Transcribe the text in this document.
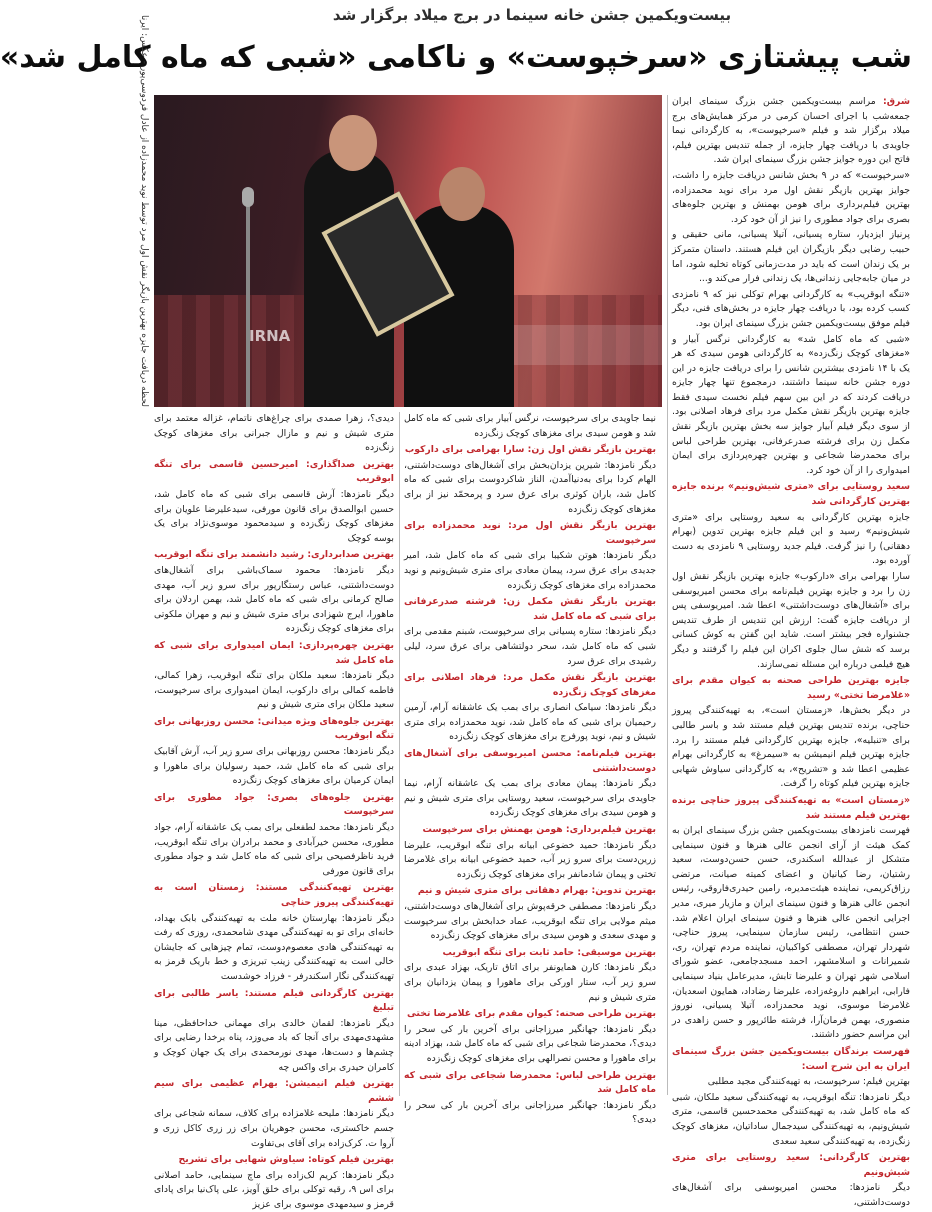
بیست‌ویکمین جشن خانه سینما در برج میلاد برگزار شد
شب پیشتازی «سرخپوست» و ناکامی «شبی که ماه کامل شد»
IRNA
لحظه دریافت جایزه بهترین بازیگر نقش اول مرد توسط نوید محمدزاده از عادل فردوسی‌پور - عکس: ایرنا	شرق: مراسم بیست‌ویکمین جشن بزرگ سینمای ایران جمعه‌شب با اجرای احسان کرمی در مرکز همایش‌های برج میلاد برگزار شد و فیلم «سرخپوست»، به کارگردانی نیما جاویدی با دریافت چهار جایزه، از جمله تندیس بهترین فیلم، فاتح این دوره جوایز جشن بزرگ سینمای ایران شد.

«سرخپوست» که در ۹ بخش شانس دریافت جایزه را داشت، جوایز بهترین بازیگر نقش اول مرد برای نوید محمدزاده، بهترین فیلم‌برداری برای هومن بهمنش و بهترین جلوه‌های بصری برای جواد مطوری را نیز از آن خود کرد.

پرنیاز ایزدیار، ستاره پسیانی، آتیلا پسیانی، مانی حقیقی و حبیب رضایی دیگر بازیگران این فیلم هستند. داستان متمرکز بر یک زندان است که باید در مدت‌زمانی کوتاه تخلیه شود، اما در میان جابه‌جایی زندانی‌ها، یک زندانی فرار می‌کند و...

«تنگه ابوقریب» به کارگردانی بهرام توکلی نیز که ۹ نامزدی کسب کرده بود، با دریافت چهار جایزه در بخش‌های فنی، دیگر فیلم موفق بیست‌ویکمین جشن بزرگ سینمای ایران بود.

«شبی که ماه کامل شد» به کارگردانی نرگس آبیار و «مغزهای کوچک زنگ‌زده» به کارگردانی هومن سیدی که هر یک با ۱۴ نامزدی بیشترین شانس را برای دریافت جایزه در این دوره جشن خانه سینما داشتند، درمجموع تنها چهار جایزه دریافت کردند که در این بین سهم فیلم نخست سیدی فقط جایزه بهترین بازیگر نقش مکمل مرد برای فرهاد اصلانی بود. از سوی دیگر فیلم آبیار جوایز سه بخش بهترین بازیگر نقش مکمل زن برای فرشته صدرعرفانی، بهترین طراحی لباس برای محمدرضا شجاعی و بهترین چهره‌پردازی برای ایمان امیدواری را از آن خود کرد.

سعید روستایی برای «متری شیش‌ونیم» برنده جایزه بهترین کارگردانی شد

جایزه بهترین کارگردانی به سعید روستایی برای «متری شیش‌ونیم» رسید و این فیلم جایزه بهترین تدوین (بهرام دهقانی) را نیز گرفت. فیلم جدید روستایی ۹ نامزدی به دست آورده بود.

سارا بهرامی برای «دارکوب» جایزه بهترین بازیگر نقش اول زن را برد و جایزه بهترین فیلم‌نامه برای محسن امیریوسفی برای «آشغال‌های دوست‌داشتنی» اعطا شد. امیریوسفی پس از دریافت جایزه گفت: ارزش این تندیس از طرف تندیس جشنواره فجر بیشتر است. شاید این گفتن به کوش کسانی برسد که شش سال جلوی اکران این فیلم را گرفتند و دیگر هیچ فیلمی درباره این مسئله نمی‌سازند.

جایزه بهترین طراحی صحنه به کیوان مقدم برای «غلامرضا تختی» رسید

در دیگر بخش‌ها، «زمستان است»، به تهیه‌کنندگی پیروز حناچی، برنده تندیس بهترین فیلم مستند شد و باسر طالبی برای «تنبلیه»، جایزه بهترین کارگردانی فیلم مستند را برد. جایزه بهترین فیلم انیمیشن به «سیمرغ» به کارگردانی بهرام عظیمی اعطا شد و «تشریح»، به کارگردانی سیاوش شهابی جایزه بهترین فیلم کوتاه را گرفت.

«زمستان است» به تهیه‌کنندگی پیروز حناچی برنده بهترین فیلم مستند شد

فهرست نامزدهای بیست‌ویکمین جشن بزرگ سینمای ایران به کمک هیئت از آرای انجمن عالی هنرها و فنون سینمایی متشکل از عبدالله اسکندری، حسن حسن‌دوست، سعید رشتیان، رضا کیانیان و اعضای کمیته صیانت، مرتضی رزاق‌کریمی، نماینده هیئت‌مدیره، رامین حیدری‌فاروقی، رئیس انجمن عالی هنرها و فنون سینمای ایران و مازیار میری، مدیر اجرایی انجمن عالی هنرها و فنون سینمای ایران اعلام شد. حسن انتظامی، رئیس سازمان سینمایی، پیروز حناچی، شهردار تهران، مصطفی کواکبیان، نماینده مردم تهران، ری، شمیرانات و اسلامشهر، احمد مسجدجامعی، عضو شورای اسلامی شهر تهران و علیرضا تابش، مدیرعامل بنیاد سینمایی فارابی، ابراهیم داروغه‌زاده، علیرضا رضاداد، همایون اسعدیان، غلامرضا موسوی، نوید محمدزاده، آتیلا پسیانی، نوروز منصوری، بهمن فرمان‌آرا، فرشته طائرپور و حسن زاهدی در این مراسم حضور داشتند.

فهرست برندگان بیست‌ویکمین جشن بزرگ سینمای ایران به این شرح است:

بهترین فیلم: سرخپوست، به تهیه‌کنندگی مجید مطلبی

دیگر نامزدها: تنگه ابوقریب، به تهیه‌کنندگی سعید ملکان، شبی که ماه کامل شد، به تهیه‌کنندگی محمدحسین قاسمی، متری شیش‌ونیم، به تهیه‌کنندگی سیدجمال ساداتیان، مغزهای کوچک زنگ‌زده، به تهیه‌کنندگی سعید سعدی

بهترین کارگردانی: سعید روستایی برای متری شیش‌ونیم

دیگر نامزدها: محسن امیریوسفی برای آشغال‌های دوست‌داشتنی،

نیما جاویدی برای سرخپوست، نرگس آبیار برای شبی که ماه کامل شد و هومن سیدی برای مغزهای کوچک زنگ‌زده

بهترین بازیگر نقش اول زن: سارا بهرامی برای دارکوب

دیگر نامزدها: شیرین یزدان‌بخش برای آشغال‌های دوست‌داشتنی، الهام کردا برای به‌دنیاآمدن، الناز شاکردوست برای شبی که ماه کامل شد، باران کوثری برای عرق سرد و پرمحمّد نیز از برای مغزهای کوچک زنگ‌زده

بهترین بازیگر نقش اول مرد: نوید محمدزاده برای سرخپوست

دیگر نامزدها: هوتن شکیبا برای شبی که ماه کامل شد، امیر جدیدی برای عرق سرد، پیمان معادی برای متری شیش‌ونیم و نوید محمدزاده برای مغزهای کوچک زنگ‌زده

بهترین بازیگر نقش مکمل زن: فرشته صدرعرفانی برای شبی که ماه کامل شد

دیگر نامزدها: ستاره پسیانی برای سرخپوست، شبنم مقدمی برای شبی که ماه کامل شد، سحر دولتشاهی برای عرق سرد، لیلی رشیدی برای عرق سرد

بهترین بازیگر نقش مکمل مرد: فرهاد اصلانی برای مغزهای کوچک زنگ‌زده

دیگر نامزدها: سیامک انصاری برای بمب یک عاشقانه آرام، آرمین رحیمیان برای شبی که ماه کامل شد، نوید محمدزاده برای متری شیش و نیم، نوید پورفرج برای مغزهای کوچک زنگ‌زده

بهترین فیلم‌نامه: محسن امیریوسفی برای آشغال‌های دوست‌داشتنی

دیگر نامزدها: پیمان معادی برای بمب یک عاشقانه آرام، نیما جاویدی برای سرخپوست، سعید روستایی برای متری شیش و نیم و هومن سیدی برای مغزهای کوچک زنگ‌زده

بهترین فیلم‌برداری: هومن بهمنش برای سرخپوست

دیگر نامزدها: حمید خضوعی ابیانه برای تنگه ابوقریب، علیرضا زرین‌دست برای سرو زیر آب، حمید خضوعی ابیانه برای غلامرضا تختی و پیمان شادمانفر برای مغزهای کوچک زنگ‌زده

بهترین تدوین: بهرام دهقانی برای متری شیش و نیم

دیگر نامزدها: مصطفی خرقه‌پوش برای آشغال‌های دوست‌داشتنی، میثم مولایی برای تنگه ابوقریب، عماد خدابخش برای سرخپوست و مهدی سعدی و هومن سیدی برای مغزهای کوچک زنگ‌زده

بهترین موسیقی: حامد ثابت برای تنگه ابوقریب

دیگر نامزدها: کارن همایونفر برای اتاق تاریک، بهزاد عبدی برای سرو زیر آب، ستار اورکی برای ماهورا و پیمان یزدانیان برای متری شیش و نیم

بهترین طراحی صحنه: کیوان مقدم برای غلامرضا تختی

دیگر نامزدها: جهانگیر میرزاجانی برای آخرین بار کی سحر را دیدی؟، محمدرضا شجاعی برای شبی که ماه کامل شد، بهزاد ادینه برای ماهورا و محسن نصرالهی برای مغزهای کوچک زنگ‌زده

بهترین طراحی لباس: محمدرضا شجاعی برای شبی که ماه کامل شد

دیگر نامزدها: جهانگیر میرزاجانی برای آخرین بار کی سحر را دیدی؟

دیدی؟، زهرا صمدی برای چراغ‌های ناتمام، غزاله معتمد برای متری شیش و نیم و مازال جبرانی برای مغزهای کوچک زنگ‌زده

بهترین صداگذاری: امیرحسین قاسمی برای تنگه ابوقریب

دیگر نامزدها: آرش قاسمی برای شبی که ماه کامل شد، حسین ابوالصدق برای قانون مورفی، سیدعلیرضا علویان برای مغزهای کوچک زنگ‌زده و سیدمحمود موسوی‌نژاد برای یک بوسه کوچک

بهترین صدابرداری: رشید دانشمند برای تنگه ابوقریب

دیگر نامزدها: محمود سماک‌باشی برای آشغال‌های دوست‌داشتنی، عباس رستگارپور برای سرو زیر آب، مهدی صالح کرمانی برای شبی که ماه کامل شد، بهمن اردلان برای ماهورا، ایرج شهزادی برای متری شیش و نیم و مهران ملکوتی برای مغزهای کوچک زنگ‌زده

بهترین چهره‌پردازی: ایمان امیدواری برای شبی که ماه کامل شد

دیگر نامزدها: سعید ملکان برای تنگه ابوقریب، زهرا کمالی، فاطمه کمالی برای دارکوب، ایمان امیدواری برای سرخپوست، سعید ملکان برای متری شیش و نیم

بهترین جلوه‌های ویژه میدانی: محسن روزبهانی برای تنگه ابوقریب

دیگر نامزدها: محسن روزبهانی برای سرو زیر آب، آرش آقابیک برای شبی که ماه کامل شد، حمید رسولیان برای ماهورا و ایمان کرمیان برای مغزهای کوچک زنگ‌زده

بهترین جلوه‌های بصری: جواد مطوری برای سرخپوست

دیگر نامزدها: محمد لطفعلی برای بمب یک عاشقانه آرام، جواد مطوری، محسن خیرآبادی و محمد برادران برای تنگه ابوقریب، فرید ناظرفصیحی برای شبی که ماه کامل شد و جواد مطوری برای قانون مورفی

بهترین تهیه‌کنندگی مستند: زمستان است به تهیه‌کنندگی پیروز حناچی

دیگر نامزدها: بهارستان خانه ملت به تهیه‌کنندگی بابک بهداد، خانه‌ای برای تو به تهیه‌کنندگی مهدی شامحمدی، روزی که رفت به تهیه‌کنندگی هادی معصوم‌دوست، تمام چیزهایی که جایشان خالی است به تهیه‌کنندگی زینب تبریزی و خط باریک قرمز به تهیه‌کنندگی نگار اسکندرفر - فرزاد خوشدست

بهترین کارگردانی فیلم مستند: یاسر طالبی برای تبلیغ

دیگر نامزدها: لقمان خالدی برای مهمانی خداحافظی، مینا مشهدی‌مهدی برای آنجا که باد می‌وزد، پناه برخدا رضایی برای چشم‌ها و دست‌ها، مهدی نورمحمدی برای یک جهان کوچک و کامران حیدری برای واکس چه

بهترین فیلم انیمیشن: بهرام عظیمی برای سیم ششم

دیگر نامزدها: ملیحه غلامزاده برای کلاف، سمانه شجاعی برای جسم خاکستری، محسن جوهریان برای زر زری کاکل زری و آروا ت. کرک‌زاده برای آقای بی‌تفاوت

بهترین فیلم کوتاه: سیاوش شهابی برای تشریح

دیگر نامزدها: کریم لک‌زاده برای ماچ سینمایی، حامد اصلانی برای اس ۹، رقیه توکلی برای خلق آویز، علی پاک‌نیا برای پادای قرمز و سیدمهدی موسوی برای عزیز
